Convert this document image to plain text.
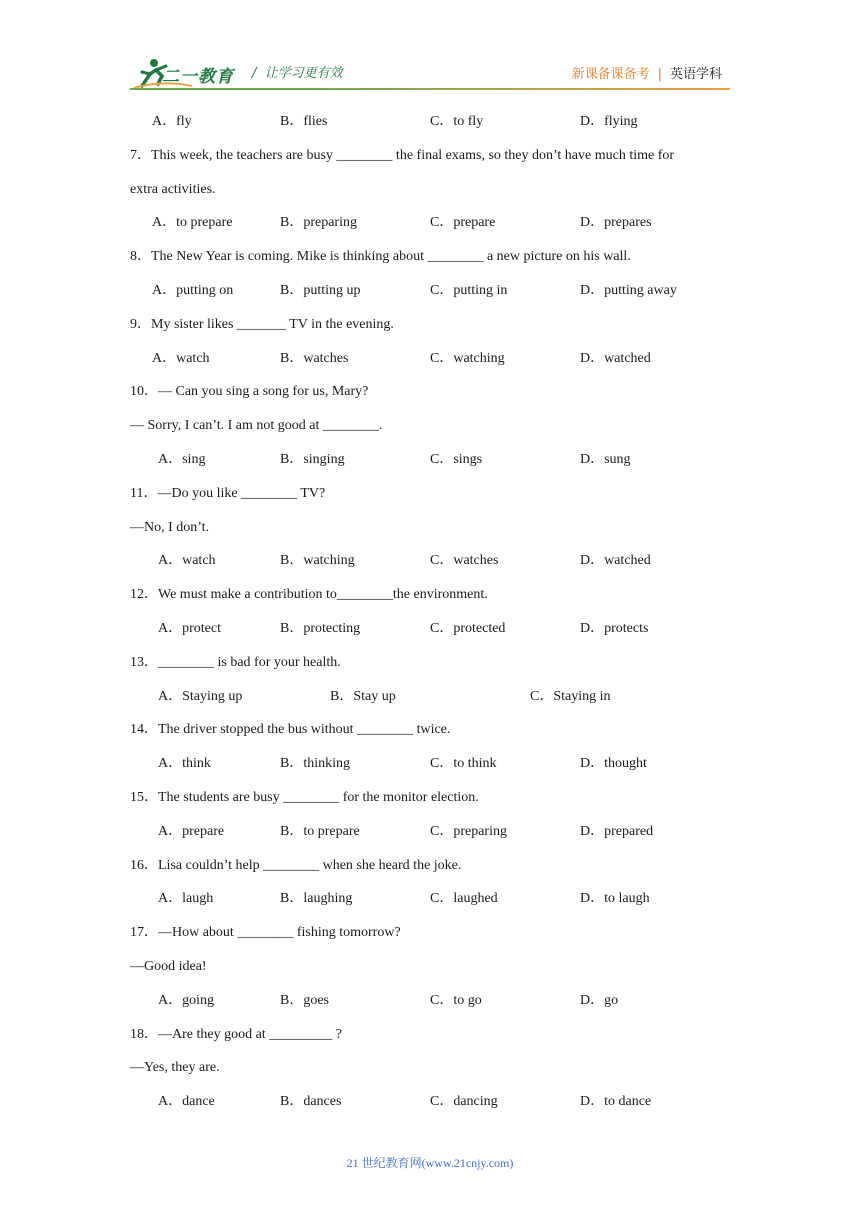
二一教育 /  让学习更有效	新课备课备考 | 英语学科
A．fly	B．flies	C．to fly	D．flying
7．This week, the teachers are busy ________ the final exams, so they don’t have much time for
extra activities.
A．to prepare	B．preparing	C．prepare	D．prepares
8．The New Year is coming. Mike is thinking about ________ a new picture on his wall.
A．putting on	B．putting up	C．putting in	D．putting away
9．My sister likes _______ TV in the evening.
A．watch	B．watches	C．watching	D．watched
10．— Can you sing a song for us, Mary?
— Sorry, I can’t. I am not good at ________.
A．sing	B．singing	C．sings	D．sung
11．—Do you like ________ TV?
—No, I don’t.
A．watch	B．watching	C．watches	D．watched
12．We must make a contribution to________the environment.
A．protect	B．protecting	C．protected	D．protects
13．________ is bad for your health.
A．Staying up	B．Stay up	C．Staying in
14．The driver stopped the bus without ________ twice.
A．think	B．thinking	C．to think	D．thought
15．The students are busy ________ for the monitor election.
A．prepare	B．to prepare	C．preparing	D．prepared
16．Lisa couldn’t help ________ when she heard the joke.
A．laugh	B．laughing	C．laughed	D．to laugh
17．—How about ________ fishing tomorrow?
—Good idea!
A．going	B．goes	C．to go	D．go
18．—Are they good at _________ ?
—Yes, they are.
A．dance	B．dances	C．dancing	D．to dance
21 世纪教育网(www.21cnjy.com)
